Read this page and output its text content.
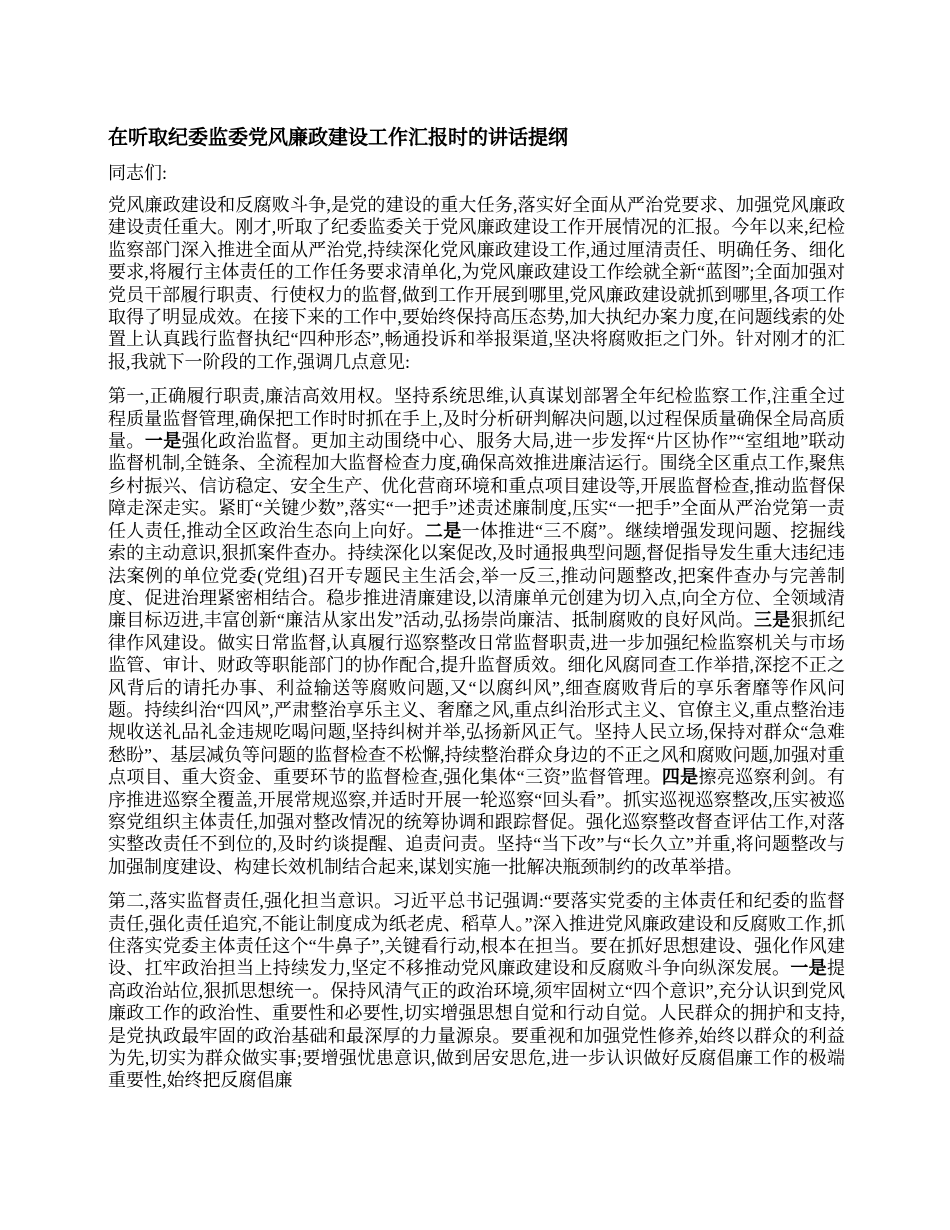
在听取纪委监委党风廉政建设工作汇报时的讲话提纲

同志们:

党风廉政建设和反腐败斗争,是党的建设的重大任务,落实好全面从严治党要求、加强党风廉政建设责任重大。刚才,听取了纪委监委关于党风廉政建设工作开展情况的汇报。今年以来,纪检监察部门深入推进全面从严治党,持续深化党风廉政建设工作,通过厘清责任、明确任务、细化要求,将履行主体责任的工作任务要求清单化,为党风廉政建设工作绘就全新“蓝图”;全面加强对党员干部履行职责、行使权力的监督,做到工作开展到哪里,党风廉政建设就抓到哪里,各项工作取得了明显成效。在接下来的工作中,要始终保持高压态势,加大执纪办案力度,在问题线索的处置上认真践行监督执纪“四种形态”,畅通投诉和举报渠道,坚决将腐败拒之门外。针对刚才的汇报,我就下一阶段的工作,强调几点意见:

第一,正确履行职责,廉洁高效用权。坚持系统思维,认真谋划部署全年纪检监察工作,注重全过程质量监督管理,确保把工作时时抓在手上,及时分析研判解决问题,以过程保质量确保全局高质量。一是强化政治监督。更加主动围绕中心、服务大局,进一步发挥“片区协作”“室组地”联动监督机制,全链条、全流程加大监督检查力度,确保高效推进廉洁运行。围绕全区重点工作,聚焦乡村振兴、信访稳定、安全生产、优化营商环境和重点项目建设等,开展监督检查,推动监督保障走深走实。紧盯“关键少数”,落实“一把手”述责述廉制度,压实“一把手”全面从严治党第一责任人责任,推动全区政治生态向上向好。二是一体推进“三不腐”。继续增强发现问题、挖掘线索的主动意识,狠抓案件查办。持续深化以案促改,及时通报典型问题,督促指导发生重大违纪违法案例的单位党委(党组)召开专题民主生活会,举一反三,推动问题整改,把案件查办与完善制度、促进治理紧密相结合。稳步推进清廉建设,以清廉单元创建为切入点,向全方位、全领域清廉目标迈进,丰富创新“廉洁从家出发”活动,弘扬崇尚廉洁、抵制腐败的良好风尚。三是狠抓纪律作风建设。做实日常监督,认真履行巡察整改日常监督职责,进一步加强纪检监察机关与市场监管、审计、财政等职能部门的协作配合,提升监督质效。细化风腐同查工作举措,深挖不正之风背后的请托办事、利益输送等腐败问题,又“以腐纠风”,细查腐败背后的享乐奢靡等作风问题。持续纠治“四风”,严肃整治享乐主义、奢靡之风,重点纠治形式主义、官僚主义,重点整治违规收送礼品礼金违规吃喝问题,坚持纠树并举,弘扬新风正气。坚持人民立场,保持对群众“急难愁盼”、基层减负等问题的监督检查不松懈,持续整治群众身边的不正之风和腐败问题,加强对重点项目、重大资金、重要环节的监督检查,强化集体“三资”监督管理。四是擦亮巡察利剑。有序推进巡察全覆盖,开展常规巡察,并适时开展一轮巡察“回头看”。抓实巡视巡察整改,压实被巡察党组织主体责任,加强对整改情况的统筹协调和跟踪督促。强化巡察整改督查评估工作,对落实整改责任不到位的,及时约谈提醒、追责问责。坚持“当下改”与“长久立”并重,将问题整改与加强制度建设、构建长效机制结合起来,谋划实施一批解决瓶颈制约的改革举措。

第二,落实监督责任,强化担当意识。习近平总书记强调:“要落实党委的主体责任和纪委的监督责任,强化责任追究,不能让制度成为纸老虎、稻草人。”深入推进党风廉政建设和反腐败工作,抓住落实党委主体责任这个“牛鼻子”,关键看行动,根本在担当。要在抓好思想建设、强化作风建设、扛牢政治担当上持续发力,坚定不移推动党风廉政建设和反腐败斗争向纵深发展。一是提高政治站位,狠抓思想统一。保持风清气正的政治环境,须牢固树立“四个意识”,充分认识到党风廉政工作的政治性、重要性和必要性,切实增强思想自觉和行动自觉。人民群众的拥护和支持,是党执政最牢固的政治基础和最深厚的力量源泉。要重视和加强党性修养,始终以群众的利益为先,切实为群众做实事;要增强忧患意识,做到居安思危,进一步认识做好反腐倡廉工作的极端重要性,始终把反腐倡廉
